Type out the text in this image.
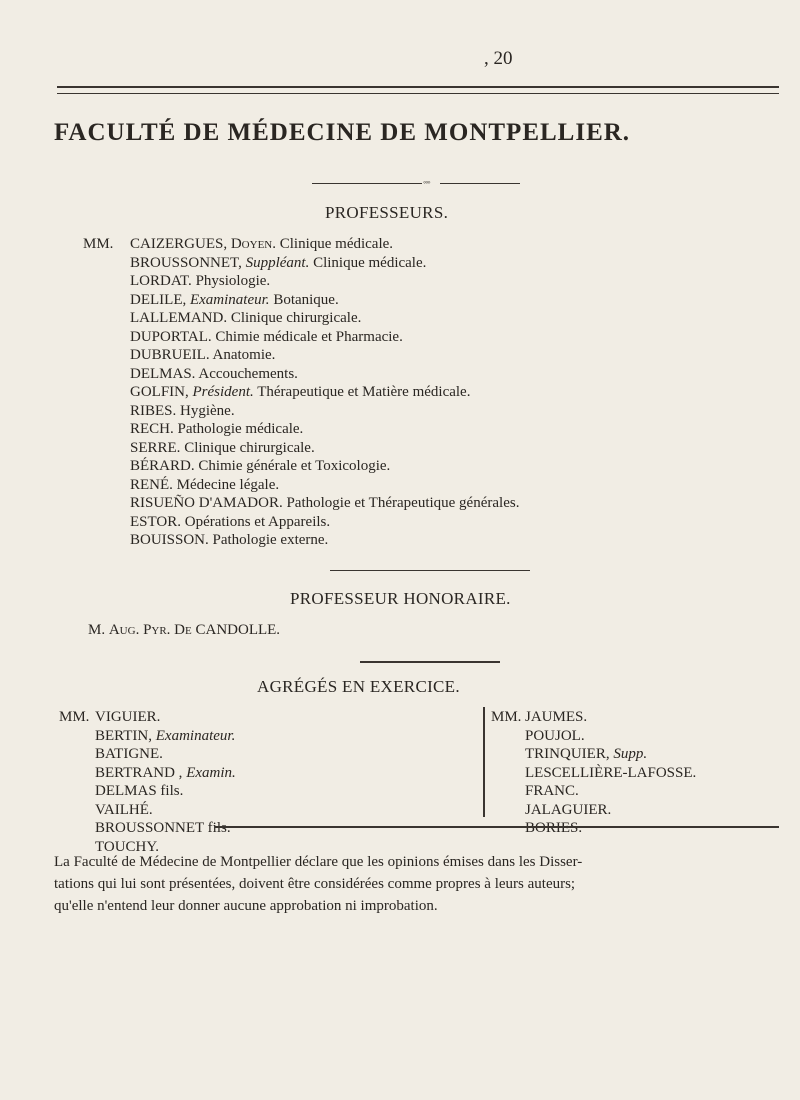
, 20
FACULTÉ DE MÉDECINE DE MONTPELLIER.
◦◦◦
PROFESSEURS.
MM. CAIZERGUES, Doyen. Clinique médicale.
BROUSSONNET, Suppléant. Clinique médicale.
LORDAT. Physiologie.
DELILE, Examinateur. Botanique.
LALLEMAND. Clinique chirurgicale.
DUPORTAL. Chimie médicale et Pharmacie.
DUBRUEIL. Anatomie.
DELMAS. Accouchements.
GOLFIN, Président. Thérapeutique et Matière médicale.
RIBES. Hygiène.
RECH. Pathologie médicale.
SERRE. Clinique chirurgicale.
BÉRARD. Chimie générale et Toxicologie.
RENÉ. Médecine légale.
RISUEÑO D'AMADOR. Pathologie et Thérapeutique générales.
ESTOR. Opérations et Appareils.
BOUISSON. Pathologie externe.
PROFESSEUR HONORAIRE.
M. Aug. Pyr. De CANDOLLE.
AGRÉGÉS EN EXERCICE.
MM.	MM.
VIGUIER.
BERTIN, Examinateur.
BATIGNE.
BERTRAND , Examin.
DELMAS fils.
VAILHÉ.
BROUSSONNET fils.
TOUCHY.
JAUMES.
POUJOL.
TRINQUIER, Supp.
LESCELLIÈRE-LAFOSSE.
FRANC.
JALAGUIER.
BORIES.
La Faculté de Médecine de Montpellier déclare que les opinions émises dans les Disser-
tations qui lui sont présentées, doivent être considérées comme propres à leurs auteurs;
qu'elle n'entend leur donner aucune approbation ni improbation.
